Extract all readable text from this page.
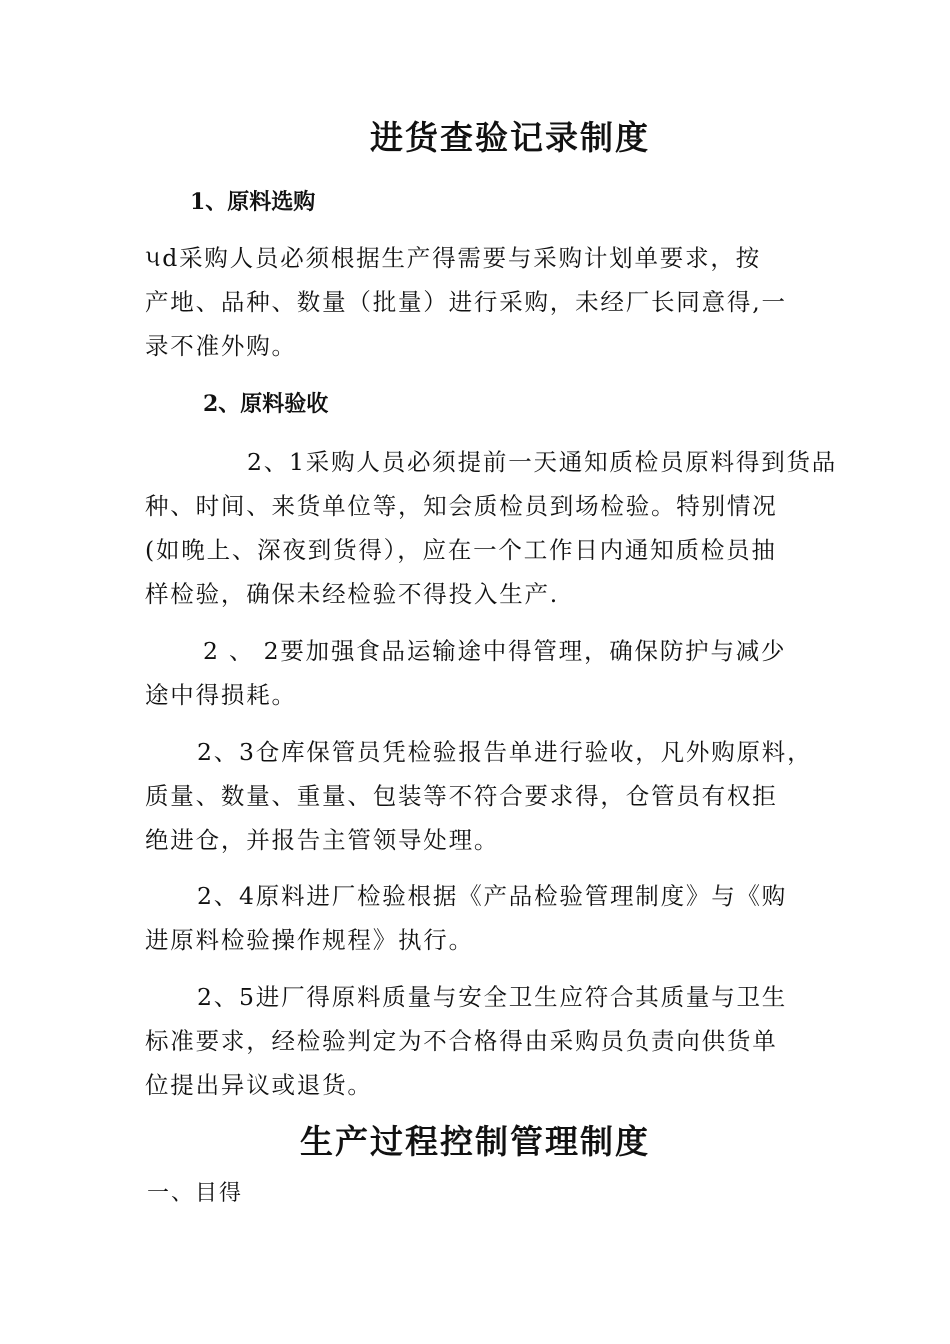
进货查验记录制度
1、原料选购
૫d采购人员必须根据生产得需要与采购计划单要求，按
产地、品种、数量（批量）进行采购，未经厂长同意得,一
录不准外购。
2、原料验收
2、1采购人员必须提前一天通知质检员原料得到货品
种、时间、来货单位等，知会质检员到场检验。特别情况
(如晚上、深夜到货得），应在一个工作日内通知质检员抽
样检验，确保未经检验不得投入生产.
2 、 2要加强食品运输途中得管理，确保防护与减少
途中得损耗。
2、3仓库保管员凭检验报告单进行验收，凡外购原料，
质量、数量、重量、包装等不符合要求得，仓管员有权拒
绝进仓，并报告主管领导处理。
2、4原料进厂检验根据《产品检验管理制度》与《购
进原料检验操作规程》执行。
2、5进厂得原料质量与安全卫生应符合其质量与卫生
标准要求，经检验判定为不合格得由采购员负责向供货单
位提出异议或退货。
生产过程控制管理制度
一、目得
